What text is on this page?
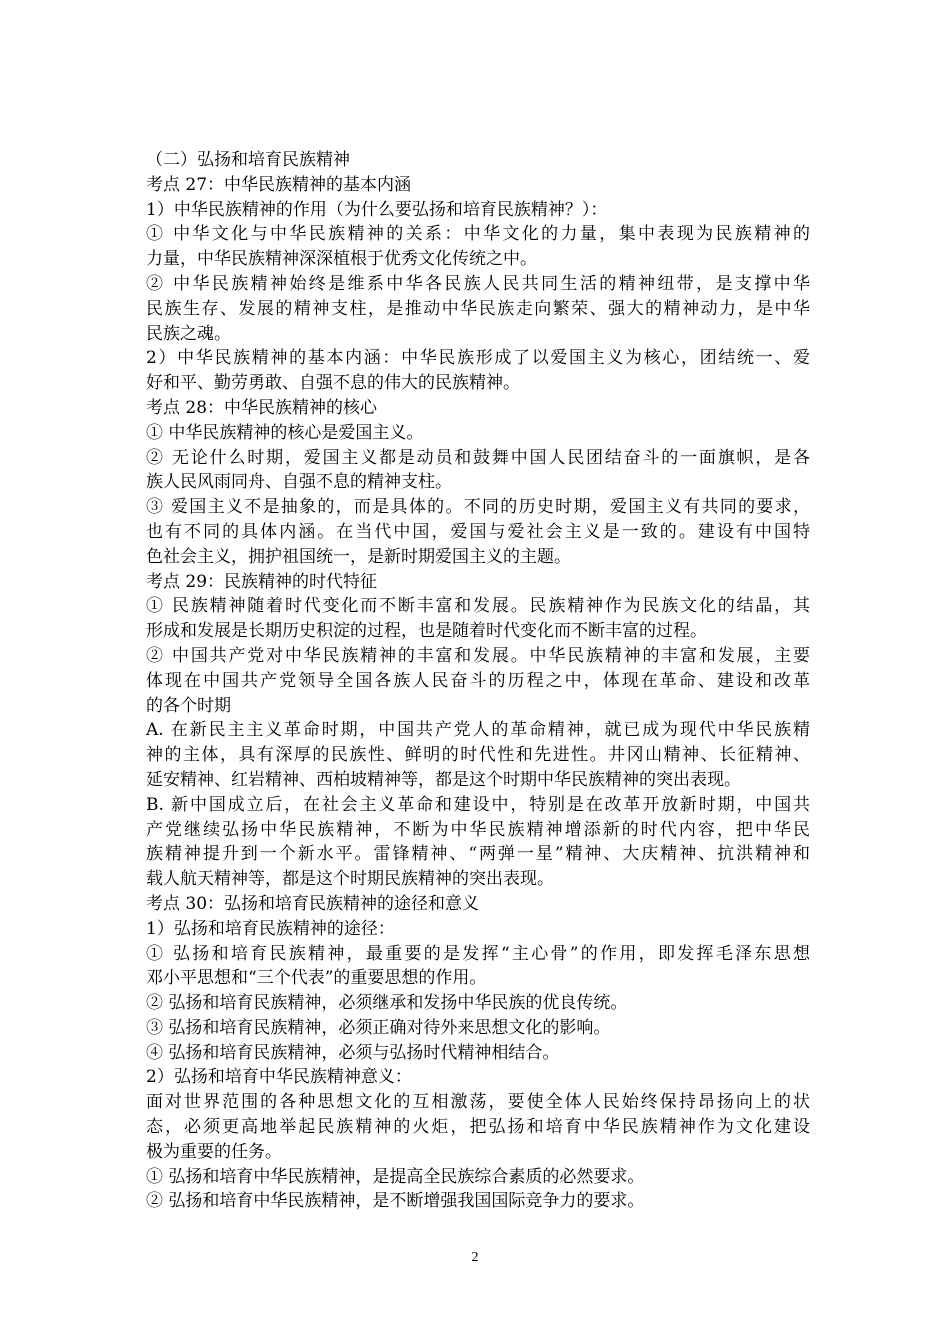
（二）弘扬和培育民族精神
考点 27：中华民族精神的基本内涵
1）中华民族精神的作用（为什么要弘扬和培育民族精神？）：
① 中华文化与中华民族精神的关系：中华文化的力量，集中表现为民族精神的
力量，中华民族精神深深植根于优秀文化传统之中。
② 中华民族精神始终是维系中华各民族人民共同生活的精神纽带，是支撑中华
民族生存、发展的精神支柱，是推动中华民族走向繁荣、强大的精神动力，是中华
民族之魂。
2）中华民族精神的基本内涵：中华民族形成了以爱国主义为核心，团结统一、爱
好和平、勤劳勇敢、自强不息的伟大的民族精神。
考点 28：中华民族精神的核心
① 中华民族精神的核心是爱国主义。
② 无论什么时期，爱国主义都是动员和鼓舞中国人民团结奋斗的一面旗帜，是各
族人民风雨同舟、自强不息的精神支柱。
③ 爱国主义不是抽象的，而是具体的。不同的历史时期，爱国主义有共同的要求，
也有不同的具体内涵。在当代中国，爱国与爱社会主义是一致的。建设有中国特
色社会主义，拥护祖国统一，是新时期爱国主义的主题。
考点 29：民族精神的时代特征
① 民族精神随着时代变化而不断丰富和发展。民族精神作为民族文化的结晶，其
形成和发展是长期历史积淀的过程，也是随着时代变化而不断丰富的过程。
② 中国共产党对中华民族精神的丰富和发展。中华民族精神的丰富和发展，主要
体现在中国共产党领导全国各族人民奋斗的历程之中，体现在革命、建设和改革
的各个时期
A. 在新民主主义革命时期，中国共产党人的革命精神，就已成为现代中华民族精
神的主体，具有深厚的民族性、鲜明的时代性和先进性。井冈山精神、长征精神、
延安精神、红岩精神、西柏坡精神等，都是这个时期中华民族精神的突出表现。
B. 新中国成立后，在社会主义革命和建设中，特别是在改革开放新时期，中国共
产党继续弘扬中华民族精神，不断为中华民族精神增添新的时代内容，把中华民
族精神提升到一个新水平。雷锋精神、“两弹一星”精神、大庆精神、抗洪精神和
载人航天精神等，都是这个时期民族精神的突出表现。
考点 30：弘扬和培育民族精神的途径和意义
1）弘扬和培育民族精神的途径：
① 弘扬和培育民族精神，最重要的是发挥“主心骨”的作用，即发挥毛泽东思想
邓小平思想和“三个代表”的重要思想的作用。
② 弘扬和培育民族精神，必须继承和发扬中华民族的优良传统。
③ 弘扬和培育民族精神，必须正确对待外来思想文化的影响。
④ 弘扬和培育民族精神，必须与弘扬时代精神相结合。
2）弘扬和培育中华民族精神意义：
面对世界范围的各种思想文化的互相激荡，要使全体人民始终保持昂扬向上的状
态，必须更高地举起民族精神的火炬，把弘扬和培育中华民族精神作为文化建设
极为重要的任务。
① 弘扬和培育中华民族精神，是提高全民族综合素质的必然要求。
② 弘扬和培育中华民族精神，是不断增强我国国际竞争力的要求。
2
